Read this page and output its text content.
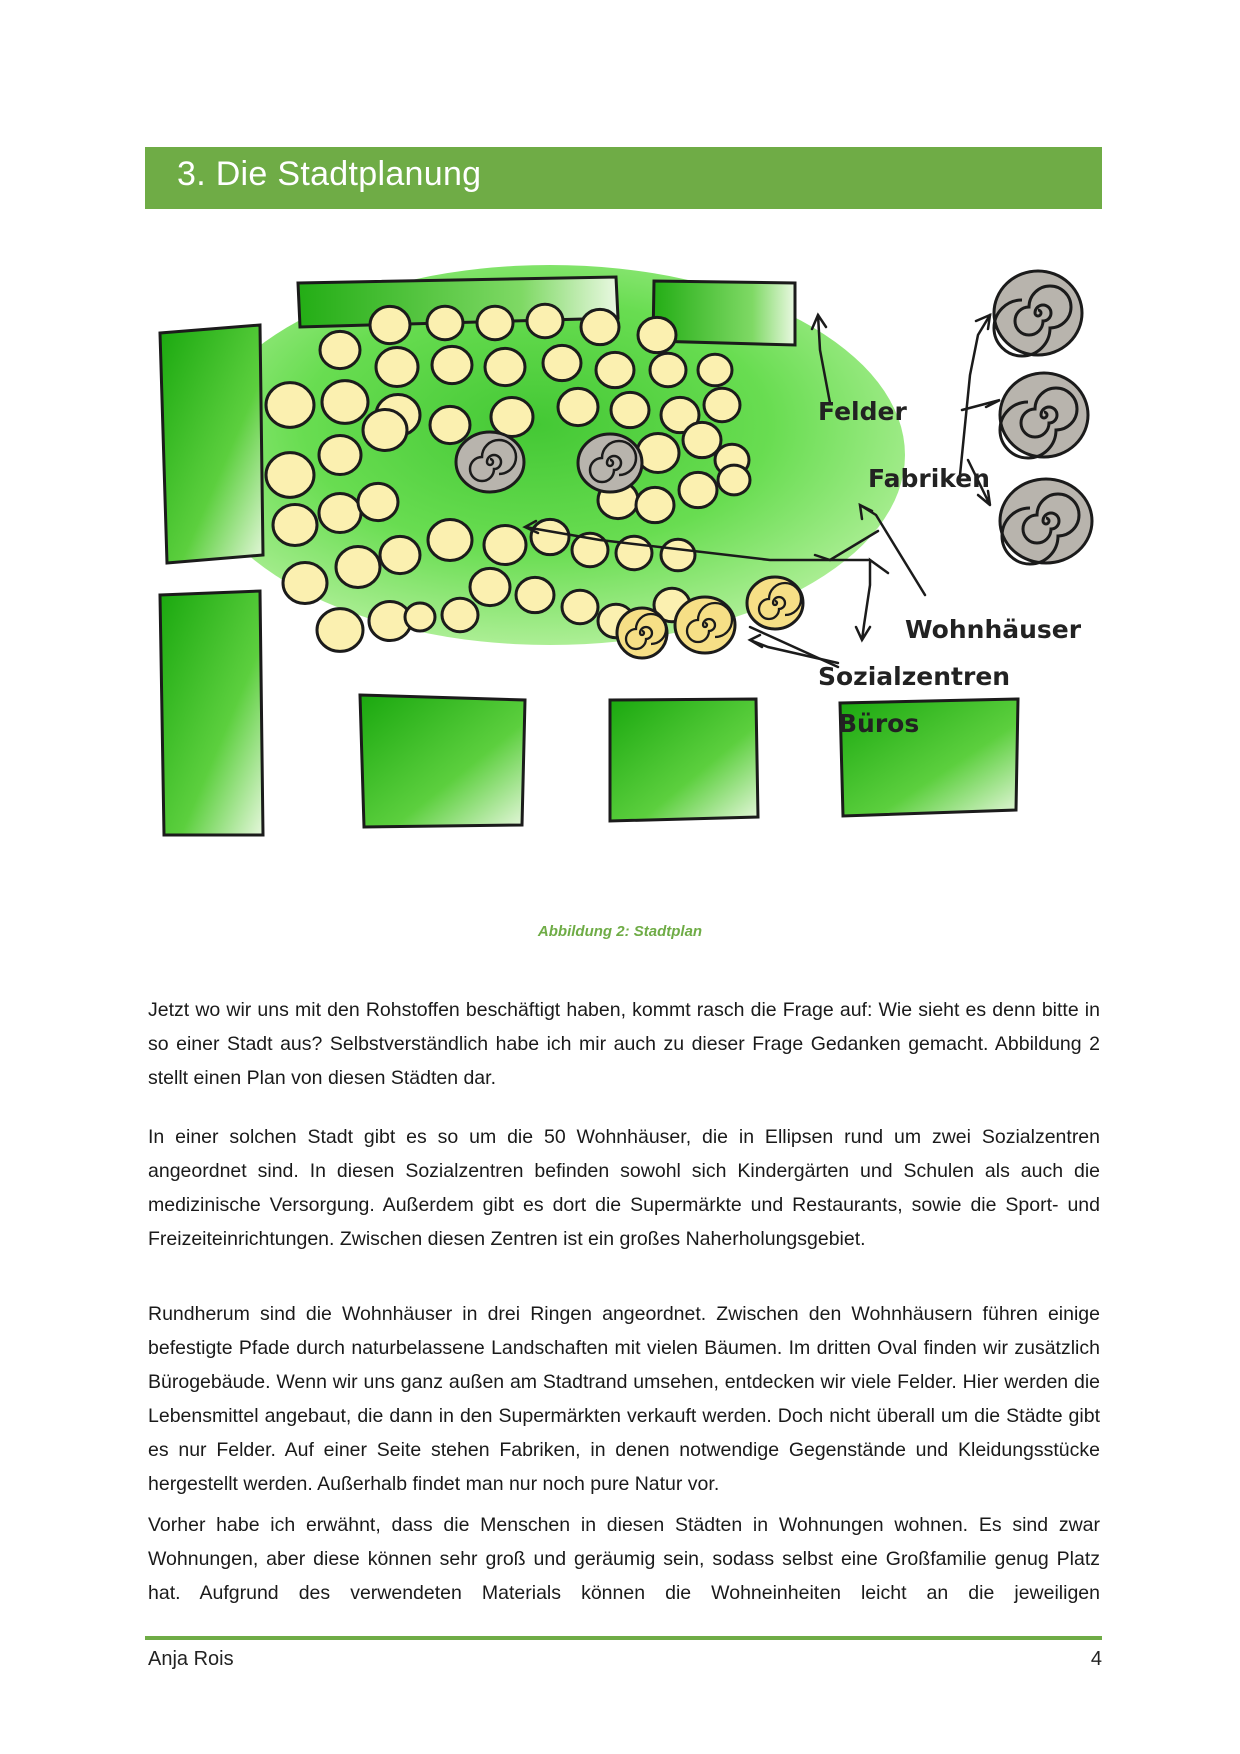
3. Die Stadtplanung
Felder
Fabriken
Wohnhäuser
Sozialzentren
Büros
Abbildung 2: Stadtplan

Jetzt wo wir uns mit den Rohstoffen beschäftigt haben, kommt rasch die Frage auf: Wie sieht es denn bitte in so einer Stadt aus? Selbstverständlich habe ich mir auch zu dieser Frage Gedanken gemacht. Abbildung 2 stellt einen Plan von diesen Städten dar.

In einer solchen Stadt gibt es so um die 50 Wohnhäuser, die in Ellipsen rund um zwei Sozialzentren angeordnet sind. In diesen Sozialzentren befinden sowohl sich Kindergärten und Schulen als auch die medizinische Versorgung. Außerdem gibt es dort die Supermärkte und Restaurants, sowie die Sport- und Freizeiteinrichtungen. Zwischen diesen Zentren ist ein großes Naherholungsgebiet.

Rundherum sind die Wohnhäuser in drei Ringen angeordnet. Zwischen den Wohnhäusern führen einige befestigte Pfade durch naturbelassene Landschaften mit vielen Bäumen. Im dritten Oval finden wir zusätzlich Bürogebäude. Wenn wir uns ganz außen am Stadtrand umsehen, entdecken wir viele Felder. Hier werden die Lebensmittel angebaut, die dann in den Supermärkten verkauft werden. Doch nicht überall um die Städte gibt es nur Felder. Auf einer Seite stehen Fabriken, in denen notwendige Gegenstände und Kleidungsstücke hergestellt werden. Außerhalb findet man nur noch pure Natur vor.

Vorher habe ich erwähnt, dass die Menschen in diesen Städten in Wohnungen wohnen. Es sind zwar Wohnungen, aber diese können sehr groß und geräumig sein, sodass selbst eine Großfamilie genug Platz hat. Aufgrund des verwendeten Materials können die Wohneinheiten leicht an die jeweiligen

Anja Rois	4
